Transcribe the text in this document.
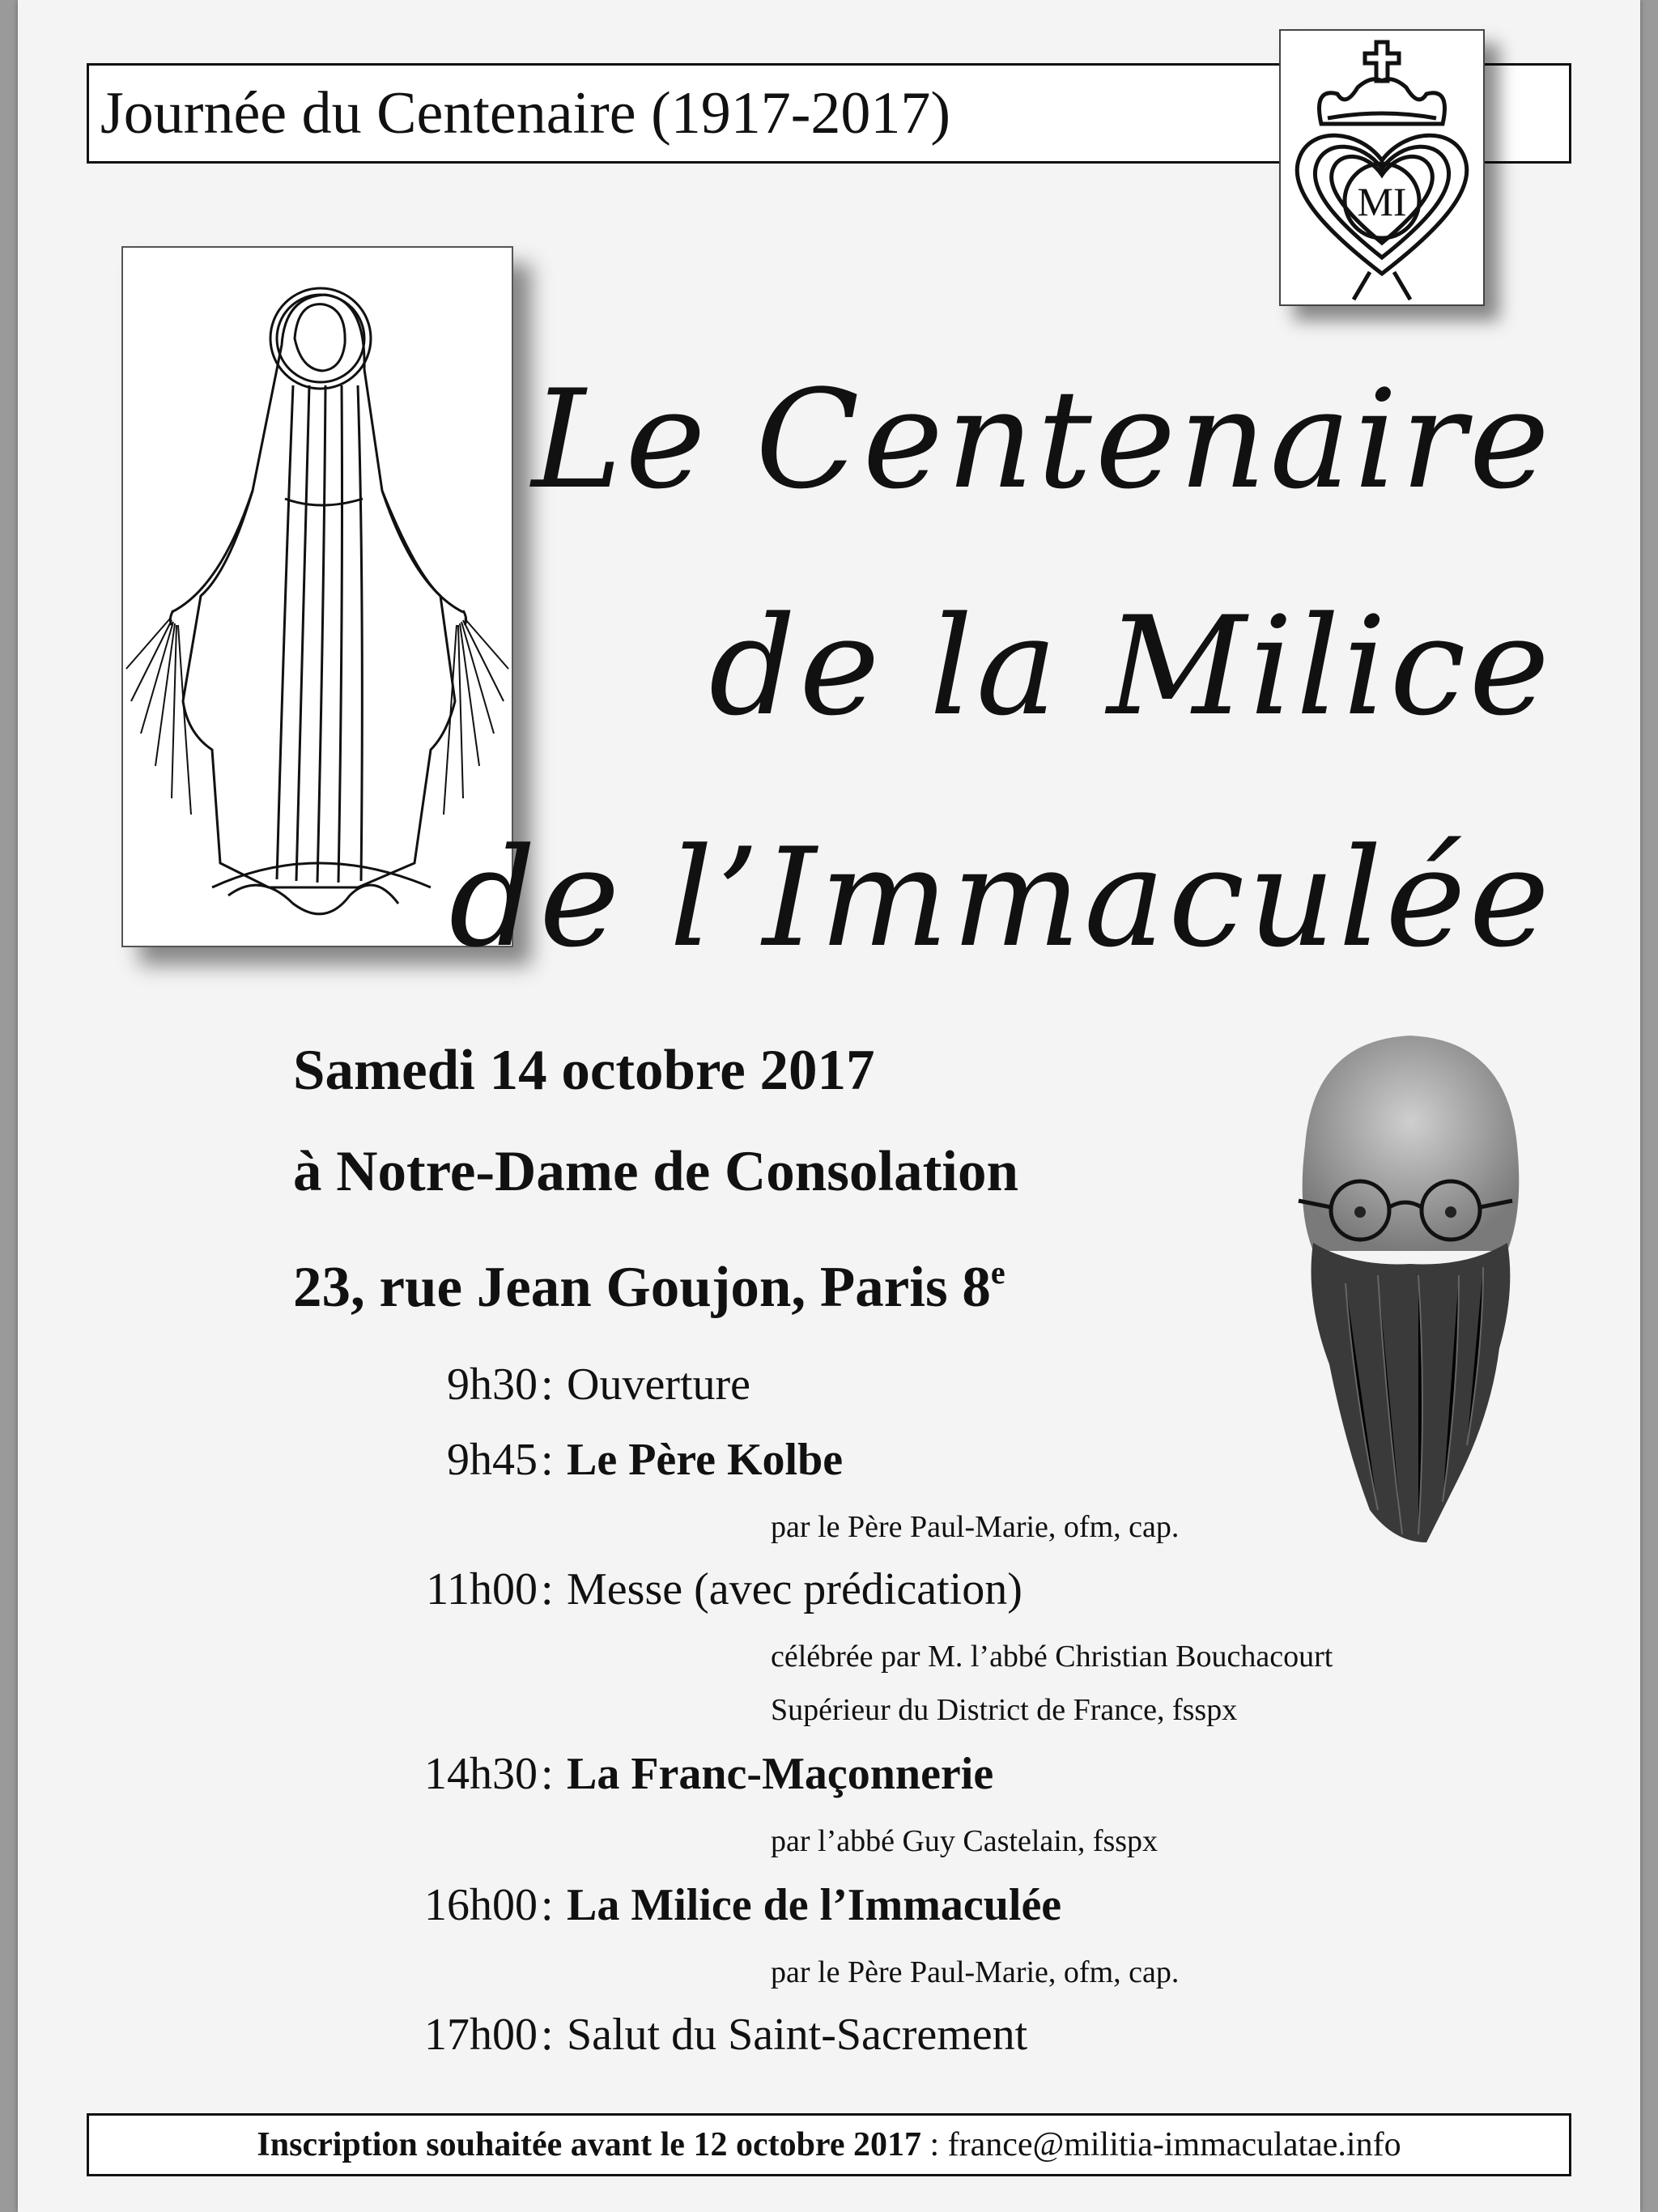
Journée du Centenaire (1917-2017)
MI
Le Centenaire
de la Milice
de l’Immaculée
Samedi 14 octobre 2017
à Notre-Dame de Consolation
23, rue Jean Goujon, Paris 8e
9h30 : Ouverture
9h45 : Le Père Kolbe
par le Père Paul-Marie, ofm, cap.
11h00 : Messe (avec prédication)
célébrée par M. l’abbé Christian Bouchacourt
Supérieur du District de France, fsspx
14h30 : La Franc-Maçonnerie
par l’abbé Guy Castelain, fsspx
16h00 : La Milice de l’Immaculée
par le Père Paul-Marie, ofm, cap.
17h00 : Salut du Saint-Sacrement
Inscription souhaitée avant le 12 octobre 2017 : france@militia-immaculatae.info
